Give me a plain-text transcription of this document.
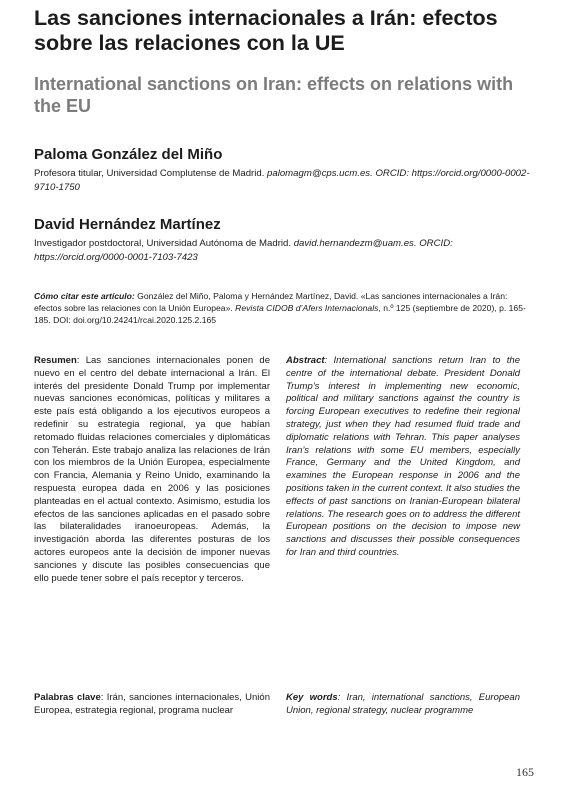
Las sanciones internacionales a Irán: efectos sobre las relaciones con la UE
International sanctions on Iran: effects on relations with the EU
Paloma González del Miño
Profesora titular, Universidad Complutense de Madrid. palomagm@cps.ucm.es. ORCID: https://orcid.org/0000-0002-9710-1750
David Hernández Martínez
Investigador postdoctoral, Universidad Autónoma de Madrid. david.hernandezm@uam.es. ORCID: https://orcid.org/0000-0001-7103-7423
Cómo citar este artículo: González del Miño, Paloma y Hernández Martínez, David. «Las sanciones internacionales a Irán: efectos sobre las relaciones con la Unión Europea». Revista CIDOB d’Afers Internacionals, n.º 125 (septiembre de 2020), p. 165-185. DOI: doi.org/10.24241/rcai.2020.125.2.165
Resumen: Las sanciones internacionales ponen de nuevo en el centro del debate internacional a Irán. El interés del presidente Donald Trump por implementar nuevas sanciones económicas, políticas y militares a este país está obligando a los ejecutivos europeos a redefinir su estrategia regional, ya que habían retomado fluidas relaciones comerciales y diplomáticas con Teherán. Este trabajo analiza las relaciones de Irán con los miembros de la Unión Europea, especialmente con Francia, Alemania y Reino Unido, examinando la respuesta europea dada en 2006 y las posiciones planteadas en el actual contexto. Asimismo, estudia los efectos de las sanciones aplicadas en el pasado sobre las bilateralidades iranoeuropeas. Además, la investigación aborda las diferentes posturas de los actores europeos ante la decisión de imponer nuevas sanciones y discute las posibles consecuencias que ello puede tener sobre el país receptor y terceros.
Abstract: International sanctions return Iran to the centre of the international debate. President Donald Trump’s interest in implementing new economic, political and military sanctions against the country is forcing European executives to redefine their regional strategy, just when they had resumed fluid trade and diplomatic relations with Tehran. This paper analyses Iran’s relations with some EU members, especially France, Germany and the United Kingdom, and examines the European response in 2006 and the positions taken in the current context. It also studies the effects of past sanctions on Iranian-European bilateral relations. The research goes on to address the different European positions on the decision to impose new sanctions and discusses their possible consequences for Iran and third countries.
Palabras clave: Irán, sanciones internacionales, Unión Europea, estrategia regional, programa nuclear
Key words: Iran, international sanctions, European Union, regional strategy, nuclear programme
165
